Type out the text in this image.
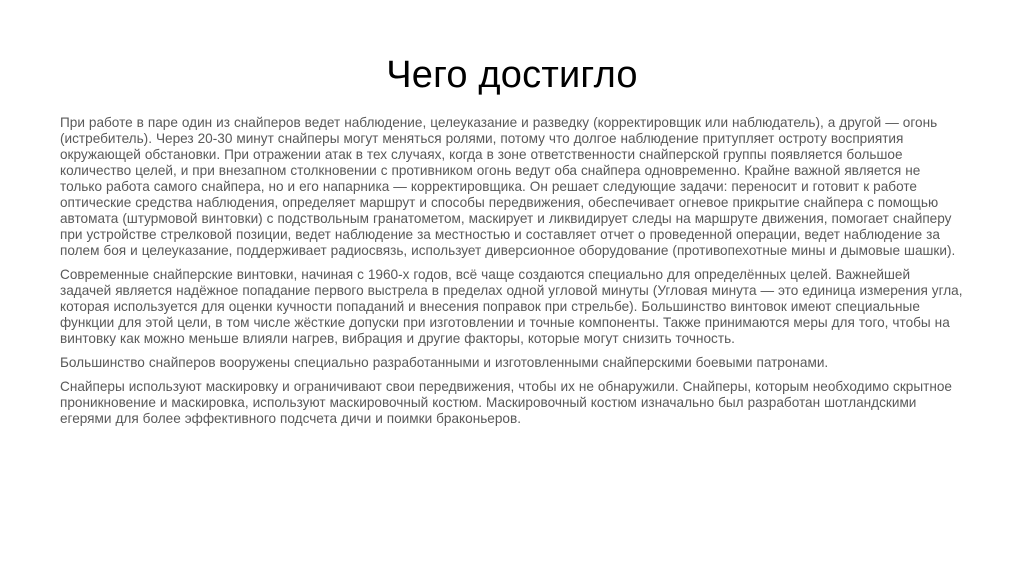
Чего достигло

При работе в паре один из снайперов ведет наблюдение, целеуказание и разведку (корректировщик или наблюдатель), а другой — огонь (истребитель). Через 20-30 минут снайперы могут меняться ролями, потому что долгое наблюдение притупляет остроту восприятия окружающей обстановки. При отражении атак в тех случаях, когда в зоне ответственности снайперской группы появляется большое количество целей, и при внезапном столкновении с противником огонь ведут оба снайпера одновременно. Крайне важной является не только работа самого снайпера, но и его напарника — корректировщика. Он решает следующие задачи: переносит и готовит к работе оптические средства наблюдения, определяет маршрут и способы передвижения, обеспечивает огневое прикрытие снайпера с помощью автомата (штурмовой винтовки) с подствольным гранатометом, маскирует и ликвидирует следы на маршруте движения, помогает снайперу при устройстве стрелковой позиции, ведет наблюдение за местностью и составляет отчет о проведенной операции, ведет наблюдение за полем боя и целеуказание, поддерживает радиосвязь, использует диверсионное оборудование (противопехотные мины и дымовые шашки).

Современные снайперские винтовки, начиная с 1960-х годов, всё чаще создаются специально для определённых целей. Важнейшей задачей является надёжное попадание первого выстрела в пределах одной угловой минуты (Угловая минута — это единица измерения угла, которая используется для оценки кучности попаданий и внесения поправок при стрельбе). Большинство винтовок имеют специальные функции для этой цели, в том числе жёсткие допуски при изготовлении и точные компоненты. Также принимаются меры для того, чтобы на винтовку как можно меньше влияли нагрев, вибрация и другие факторы, которые могут снизить точность.

Большинство снайперов вооружены специально разработанными и изготовленными снайперскими боевыми патронами.

Снайперы используют маскировку и ограничивают свои передвижения, чтобы их не обнаружили. Снайперы, которым необходимо скрытное проникновение и маскировка, используют маскировочный костюм. Маскировочный костюм изначально был разработан шотландскими егерями для более эффективного подсчета дичи и поимки браконьеров.
